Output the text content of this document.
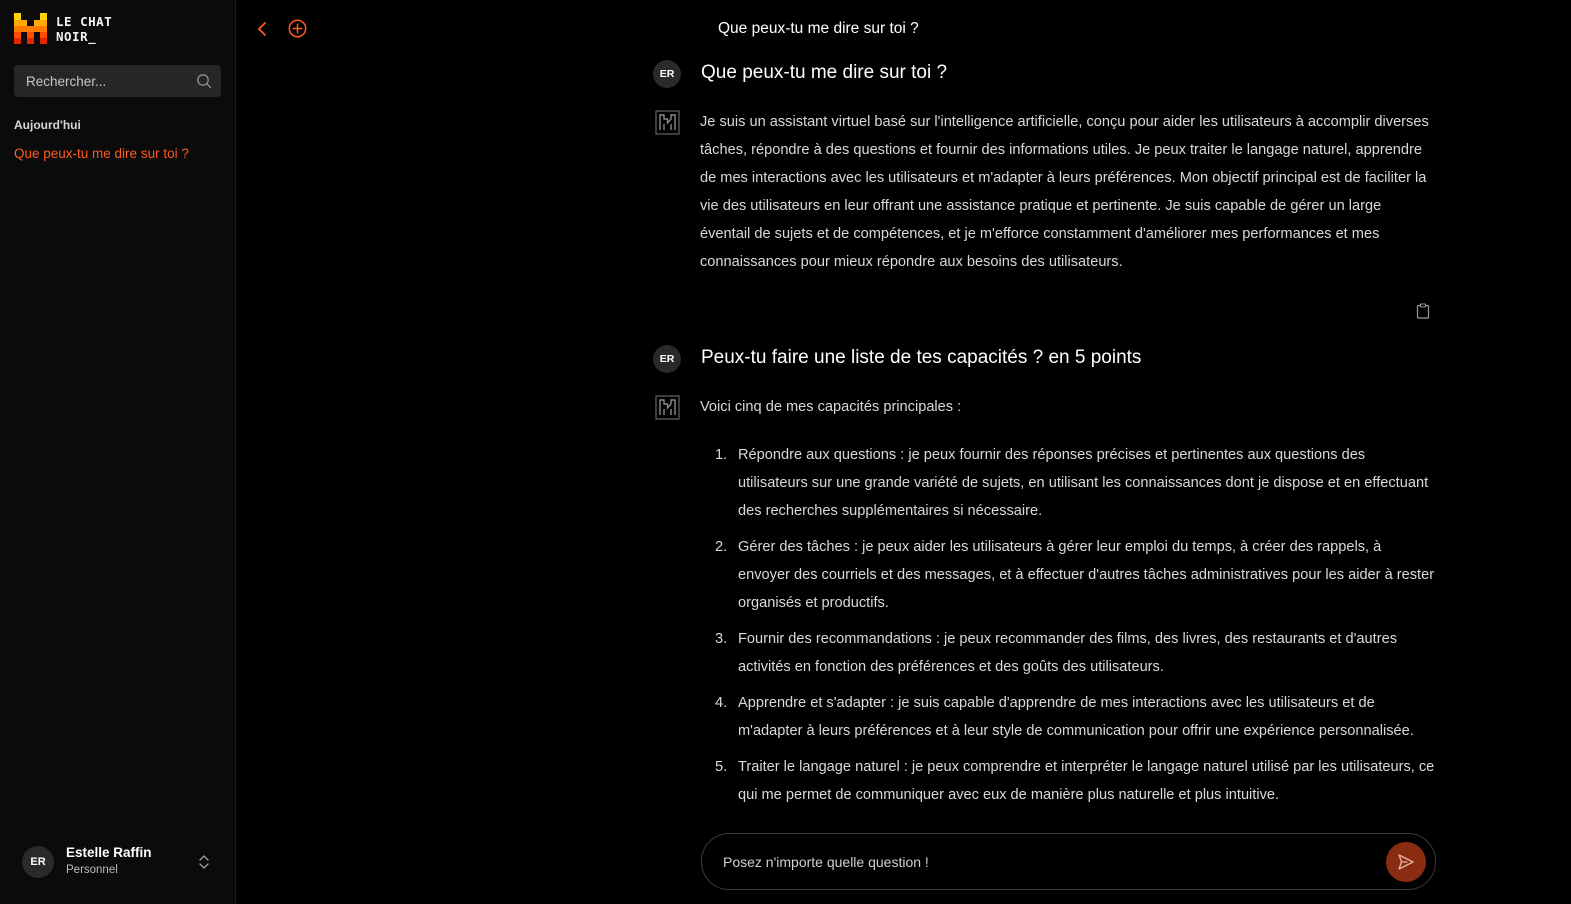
LE CHAT
NOIR_
Rechercher...
Aujourd'hui
Que peux-tu me dire sur toi ?
ER
Estelle Raffin
Personnel
Que peux-tu me dire sur toi ?
ER	Que peux-tu me dire sur toi ?

Je suis un assistant virtuel basé sur l'intelligence artificielle, conçu pour aider les utilisateurs à accomplir diverses tâches, répondre à des questions et fournir des informations utiles. Je peux traiter le langage naturel, apprendre de mes interactions avec les utilisateurs et m'adapter à leurs préférences. Mon objectif principal est de faciliter la vie des utilisateurs en leur offrant une assistance pratique et pertinente. Je suis capable de gérer un large éventail de sujets et de compétences, et je m'efforce constamment d'améliorer mes performances et mes connaissances pour mieux répondre aux besoins des utilisateurs.

ER	Peux-tu faire une liste de tes capacités ? en 5 points

Voici cinq de mes capacités principales :

1. Répondre aux questions : je peux fournir des réponses précises et pertinentes aux questions des utilisateurs sur une grande variété de sujets, en utilisant les connaissances dont je dispose et en effectuant des recherches supplémentaires si nécessaire.
2. Gérer des tâches : je peux aider les utilisateurs à gérer leur emploi du temps, à créer des rappels, à envoyer des courriels et des messages, et à effectuer d'autres tâches administratives pour les aider à rester organisés et productifs.
3. Fournir des recommandations : je peux recommander des films, des livres, des restaurants et d'autres activités en fonction des préférences et des goûts des utilisateurs.
4. Apprendre et s'adapter : je suis capable d'apprendre de mes interactions avec les utilisateurs et de m'adapter à leurs préférences et à leur style de communication pour offrir une expérience personnalisée.
5. Traiter le langage naturel : je peux comprendre et interpréter le langage naturel utilisé par les utilisateurs, ce qui me permet de communiquer avec eux de manière plus naturelle et plus intuitive.
Posez n'importe quelle question !
